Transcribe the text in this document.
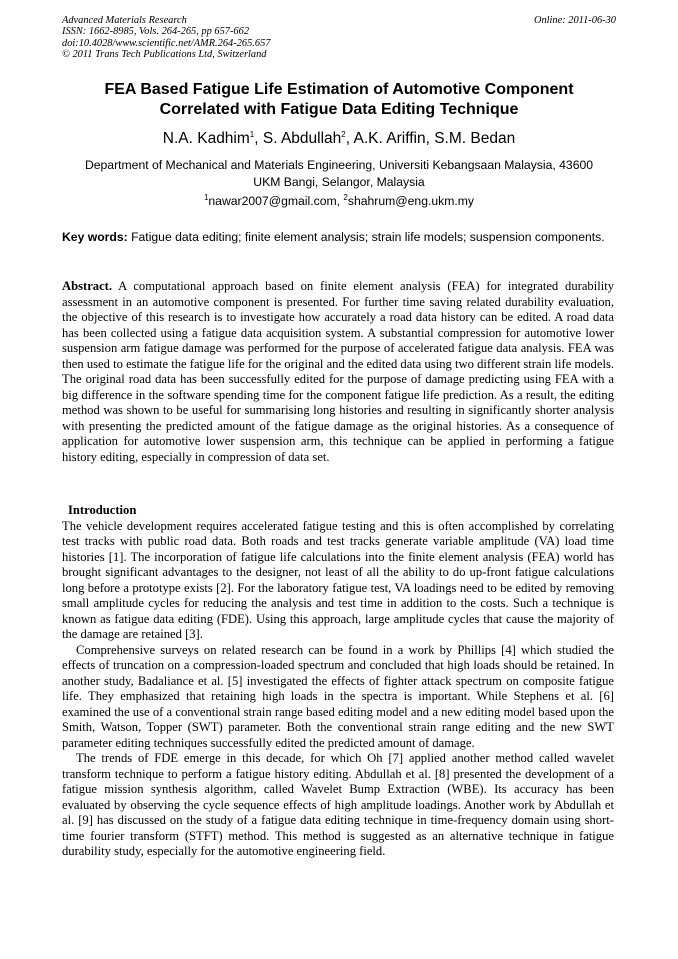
Advanced Materials Research
ISSN: 1662-8985, Vols. 264-265, pp 657-662
doi:10.4028/www.scientific.net/AMR.264-265.657
© 2011 Trans Tech Publications Ltd, Switzerland
Online: 2011-06-30
FEA Based Fatigue Life Estimation of Automotive Component
Correlated with Fatigue Data Editing Technique
N.A. Kadhim$^1$, S. Abdullah$^2$, A.K. Ariffin, S.M. Bedan
Department of Mechanical and Materials Engineering, Universiti Kebangsaan Malaysia, 43600
UKM Bangi, Selangor, Malaysia
$^1$nawar2007@gmail.com, $^2$shahrum@eng.ukm.my
Key words: Fatigue data editing; finite element analysis; strain life models; suspension components.
Abstract. A computational approach based on finite element analysis (FEA) for integrated durability assessment in an automotive component is presented. For further time saving related durability evaluation, the objective of this research is to investigate how accurately a road data history can be edited. A road data has been collected using a fatigue data acquisition system. A substantial compression for automotive lower suspension arm fatigue damage was performed for the purpose of accelerated fatigue data analysis. FEA was then used to estimate the fatigue life for the original and the edited data using two different strain life models. The original road data has been successfully edited for the purpose of damage predicting using FEA with a big difference in the software spending time for the component fatigue life prediction. As a result, the editing method was shown to be useful for summarising long histories and resulting in significantly shorter analysis with presenting the predicted amount of the fatigue damage as the original histories. As a consequence of application for automotive lower suspension arm, this technique can be applied in performing a fatigue history editing, especially in compression of data set.
Introduction

The vehicle development requires accelerated fatigue testing and this is often accomplished by correlating test tracks with public road data. Both roads and test tracks generate variable amplitude (VA) load time histories [1]. The incorporation of fatigue life calculations into the finite element analysis (FEA) world has brought significant advantages to the designer, not least of all the ability to do up-front fatigue calculations long before a prototype exists [2]. For the laboratory fatigue test, VA loadings need to be edited by removing small amplitude cycles for reducing the analysis and test time in addition to the costs. Such a technique is known as fatigue data editing (FDE). Using this approach, large amplitude cycles that cause the majority of the damage are retained [3].

Comprehensive surveys on related research can be found in a work by Phillips [4] which studied the effects of truncation on a compression-loaded spectrum and concluded that high loads should be retained. In another study, Badaliance et al. [5] investigated the effects of fighter attack spectrum on composite fatigue life. They emphasized that retaining high loads in the spectra is important. While Stephens et al. [6] examined the use of a conventional strain range based editing model and a new editing model based upon the Smith, Watson, Topper (SWT) parameter. Both the conventional strain range editing and the new SWT parameter editing techniques successfully edited the predicted amount of damage.

The trends of FDE emerge in this decade, for which Oh [7] applied another method called wavelet transform technique to perform a fatigue history editing. Abdullah et al. [8] presented the development of a fatigue mission synthesis algorithm, called Wavelet Bump Extraction (WBE). Its accuracy has been evaluated by observing the cycle sequence effects of high amplitude loadings. Another work by Abdullah et al. [9] has discussed on the study of a fatigue data editing technique in time-frequency domain using short-time fourier transform (STFT) method. This method is suggested as an alternative technique in fatigue durability study, especially for the automotive engineering field.
